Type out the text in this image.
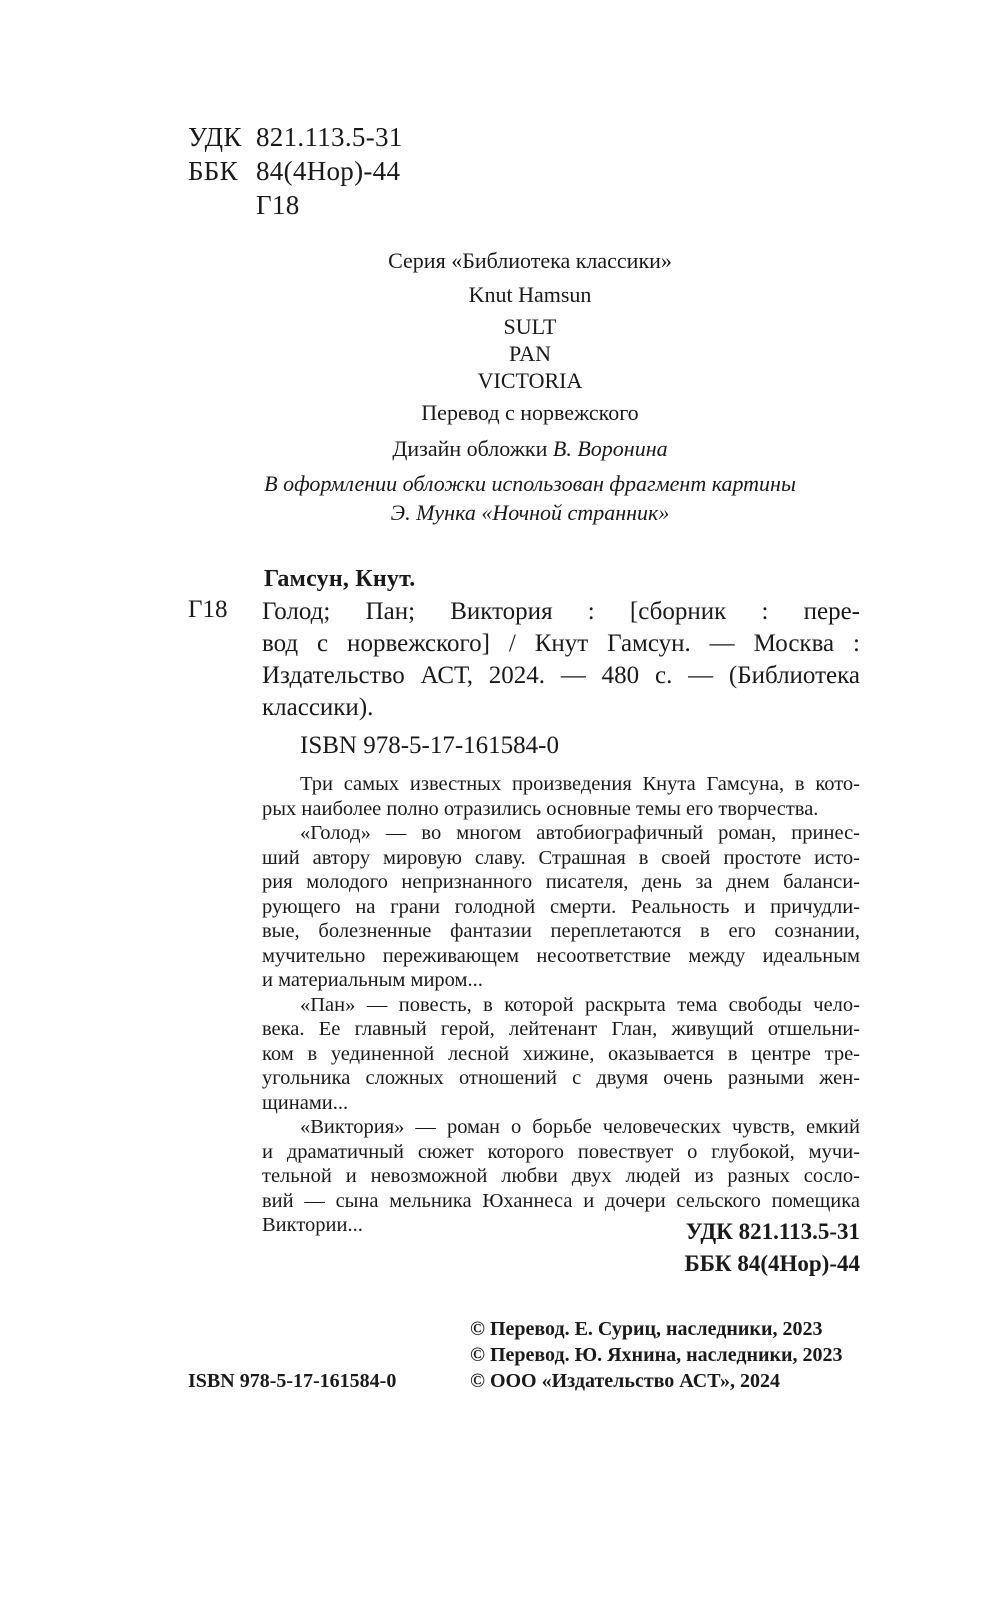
УДК 821.113.5-31
ББК 84(4Нор)-44
Г18
Серия «Библиотека классики»
Knut Hamsun
SULT
PAN
VICTORIA
Перевод с норвежского
Дизайн обложки В. Воронина
В оформлении обложки использован фрагмент картины
Э. Мунка «Ночной странник»
Гамсун, Кнут.
Г18 Голод; Пан; Виктория : [сборник : пере-
вод с норвежского] / Кнут Гамсун. — Москва :
Издательство АСТ, 2024. — 480 с. — (Библиотека
классики).
ISBN 978-5-17-161584-0
Три самых известных произведения Кнута Гамсуна, в кото-
рых наиболее полно отразились основные темы его творчества.
«Голод» — во многом автобиографичный роман, принес-
ший автору мировую славу. Страшная в своей простоте исто-
рия молодого непризнанного писателя, день за днем баланси-
рующего на грани голодной смерти. Реальность и причудли-
вые, болезненные фантазии переплетаются в его сознании,
мучительно переживающем несоответствие между идеальным
и материальным миром...
«Пан» — повесть, в которой раскрыта тема свободы чело-
века. Ее главный герой, лейтенант Глан, живущий отшельни-
ком в уединенной лесной хижине, оказывается в центре тре-
угольника сложных отношений с двумя очень разными жен-
щинами...
«Виктория» — роман о борьбе человеческих чувств, емкий
и драматичный сюжет которого повествует о глубокой, мучи-
тельной и невозможной любви двух людей из разных сосло-
вий — сына мельника Юханнеса и дочери сельского помещика
Виктории...	УДК 821.113.5-31
ББК 84(4Нор)-44
© Перевод. Е. Суриц, наследники, 2023
© Перевод. Ю. Яхнина, наследники, 2023
© ООО «Издательство АСТ», 2024
ISBN 978-5-17-161584-0
